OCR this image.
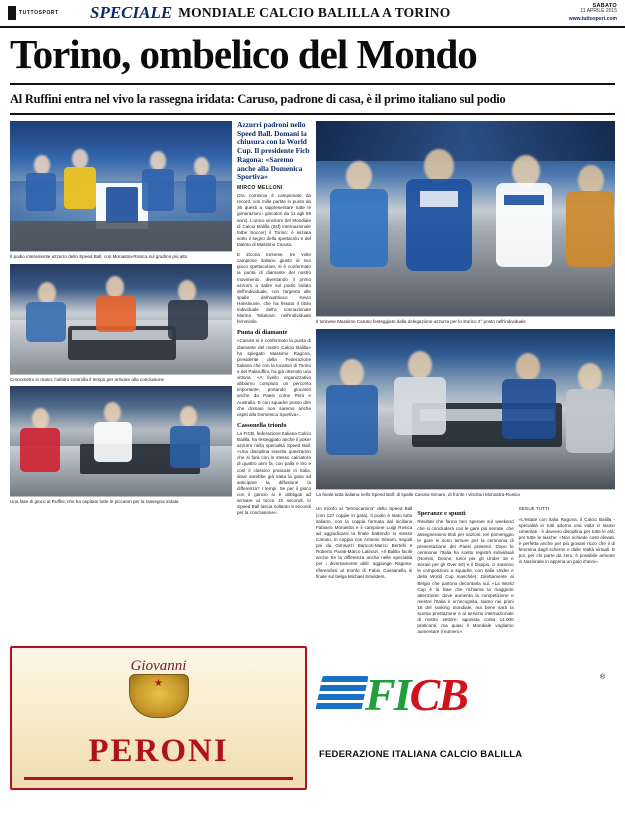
TUTTOSPORT SPECIALE MONDIALE CALCIO BALILLA A TORINO	SABATO
11 APRILE 2015
www.tuttosport.com
Torino, ombelico del Mondo
Al Ruffini entra nel vivo la rassegna iridata: Caruso, padrone di casa, è il primo italiano sul podio
Il podio interamente azzurro dello Speed Ball, con Monastra-Rosica sul gradino più alto
Cronometro in mano, l'arbitro controlla il tempo per arrivare alla conclusione
Una fase di gioco al Ruffini, che ha ospitato tutte le piccatori per la rassegna iridata
Azzurri padroni nello Speed Ball. Domani la chiusura con la World Cup. Il presidente Ficb Ragona: «Saremo anche alla Domenica Sportiva»
MIRCO MELLONI

Ora comincia il campionato da record, con mille partite in punto da 36 questi a rappresentare tutte le generazioni i giocatori da 11 agli 88 anni). L'unico vincitore del Mondiale di Calcio Balilla (Itsf) internazionale fatbe Soccer) il Torino: è iniziata sotto il segno della spettacolo e del talento di Massimo Caruso.

E Zicona torinese, tre volte campione italiano giusto al suo gioco spettacolare, si è confermato la punta di diamante del nostro movimento, diventando il primo azzurro a salire sul podio iridato dell'individuale, con l'argento alle spalle dell'austriaco Kevin Hanslouvie, che ha fissato il titolo individuale dell'a connazionale Marina Talukovic nell'individuale femminile.

Punta di diamante

«Caruso si è confermato la punta di diamante del nostro Calcio Balilla» ha spiegato Massimo Ragona, presidente della Federazione Italiana che con la location di Torino e del Palaruffini, ha già ottenuto una vittoria. «A livello organizzativo abbiamo compiuto un percorso importante, portando giocatori anche da Paesi come Perù e Australia. E con squadre posso dire che domani non saremo anche ospiti alla Domenica Sportiva».

Cassonella trionfo

La FICB, federazione Italiana Calcio Balilla, ha festeggiato anche il poker azzurro nella specialità Speed Ball. «Una disciplina inserita quest'anno che si farà con lo stesso calciatore di quattro anni fa, con palla e tiro e così il classico praticato in Italia, dove sarebbe già stata la gioia ad anticipare la diffusione la differenza? I tempi. Se per il gioco con il gancio si è obbligati ad arrivare al tocco 15 secondi, lo Speed Ball lascia soltanto 5 secondi per la conclusione».

Il torinese Massimo Caruso festeggiato dalla delegazione azzurra per lo storico 2° posto nell'individuale
La finale tutta italiana nello Speed Ball: di spalle Caruso-Simaro, di fronte i vincitori Monastra-Rosica

Un trionfo al "termocamino" dello Speed Ball (con 127 coppie in gara). Il podio è stato tutto italiano, con la coppia formata dal siciliano Fabiano Monastra e il campione Luigi Rosica ad aggiudicarsi la finale battendo lo stesso Caruso, in coppia con Antonio Simaro, seguiti poi da Gimnarzi Bancori-Marco Bertelli e Roberto Parati-Marco Latinazi. «Il Balilla facile anche tre la differenza anche nelle specialità per i diversamente abili: aggiunge Ragona- riferendosi al trionfo di Fabio Cassanella in finale sul belga Michael Smulders.

Speranze e spuntì

Risultati che fanno ben sperare sul weekend che si concluderà con le gare più serrate, che assegneranno titoli per nazioni. Ieri pomeriggio le gare si sono lemure per la cerimonia di presentazione dei Paesi presenti. Dopo le cerimonie l'Italia ha scelto registrò individuali (Nomini, Doone, Iurioi per gli Under 18 e Serain per gli Over 50) e il Doppio, ci saranno le competizioni a squadre, con Italia Under e della World Cup maschile). Direttamente al Belgio che partono decontarla sul. «La World Cup è la fase che richiama la maggiore attenzione: dove aumenta la competizione e mentre l'Italia è un'incognita, siamo nei primi 16 del ranking mondiale, ma bene sarà la scorsa prestazione e al servizio internazionale di nostro settore: agonista conta 14.000 praticanti, ma quasi il Mondiale vogliamo aumentare il numero».

SEGUE TUTTI

«L'estate con Italia Ragona, il Calcio Balilla - specialità in tutti attorno una volta ci siamo cimentati - è davvero disciplina per tutte le età: per tutte le tasche: «Non richiede costi elevati, è perfetta anche per più giovani ricco che il di femmina dagli schermi e dalle realtà virtuali. E poi, per chi parte da zero, è possibile arrivare in Nazionale in appena un paio d'anni».

Giovanni
★
PERONI
FICB	®
FEDERAZIONE ITALIANA CALCIO BALILLA
